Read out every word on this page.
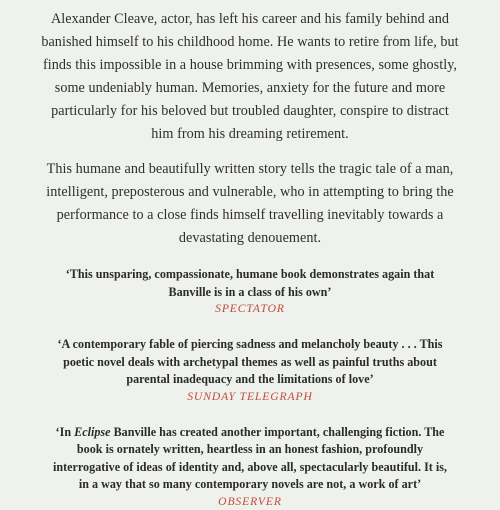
Alexander Cleave, actor, has left his career and his family behind and
banished himself to his childhood home. He wants to retire from life, but
finds this impossible in a house brimming with presences, some ghostly,
some undeniably human. Memories, anxiety for the future and more
particularly for his beloved but troubled daughter, conspire to distract
him from his dreaming retirement.

This humane and beautifully written story tells the tragic tale of a man,
intelligent, preposterous and vulnerable, who in attempting to bring the
performance to a close finds himself travelling inevitably towards a
devastating denouement.

‘This unsparing, compassionate, humane book demonstrates again that
Banville is in a class of his own’
SPECTATOR
‘A contemporary fable of piercing sadness and melancholy beauty . . . This
poetic novel deals with archetypal themes as well as painful truths about
parental inadequacy and the limitations of love’
SUNDAY TELEGRAPH
‘In Eclipse Banville has created another important, challenging fiction. The
book is ornately written, heartless in an honest fashion, profoundly
interrogative of ideas of identity and, above all, spectacularly beautiful. It is,
in a way that so many contemporary novels are not, a work of art’
OBSERVER
